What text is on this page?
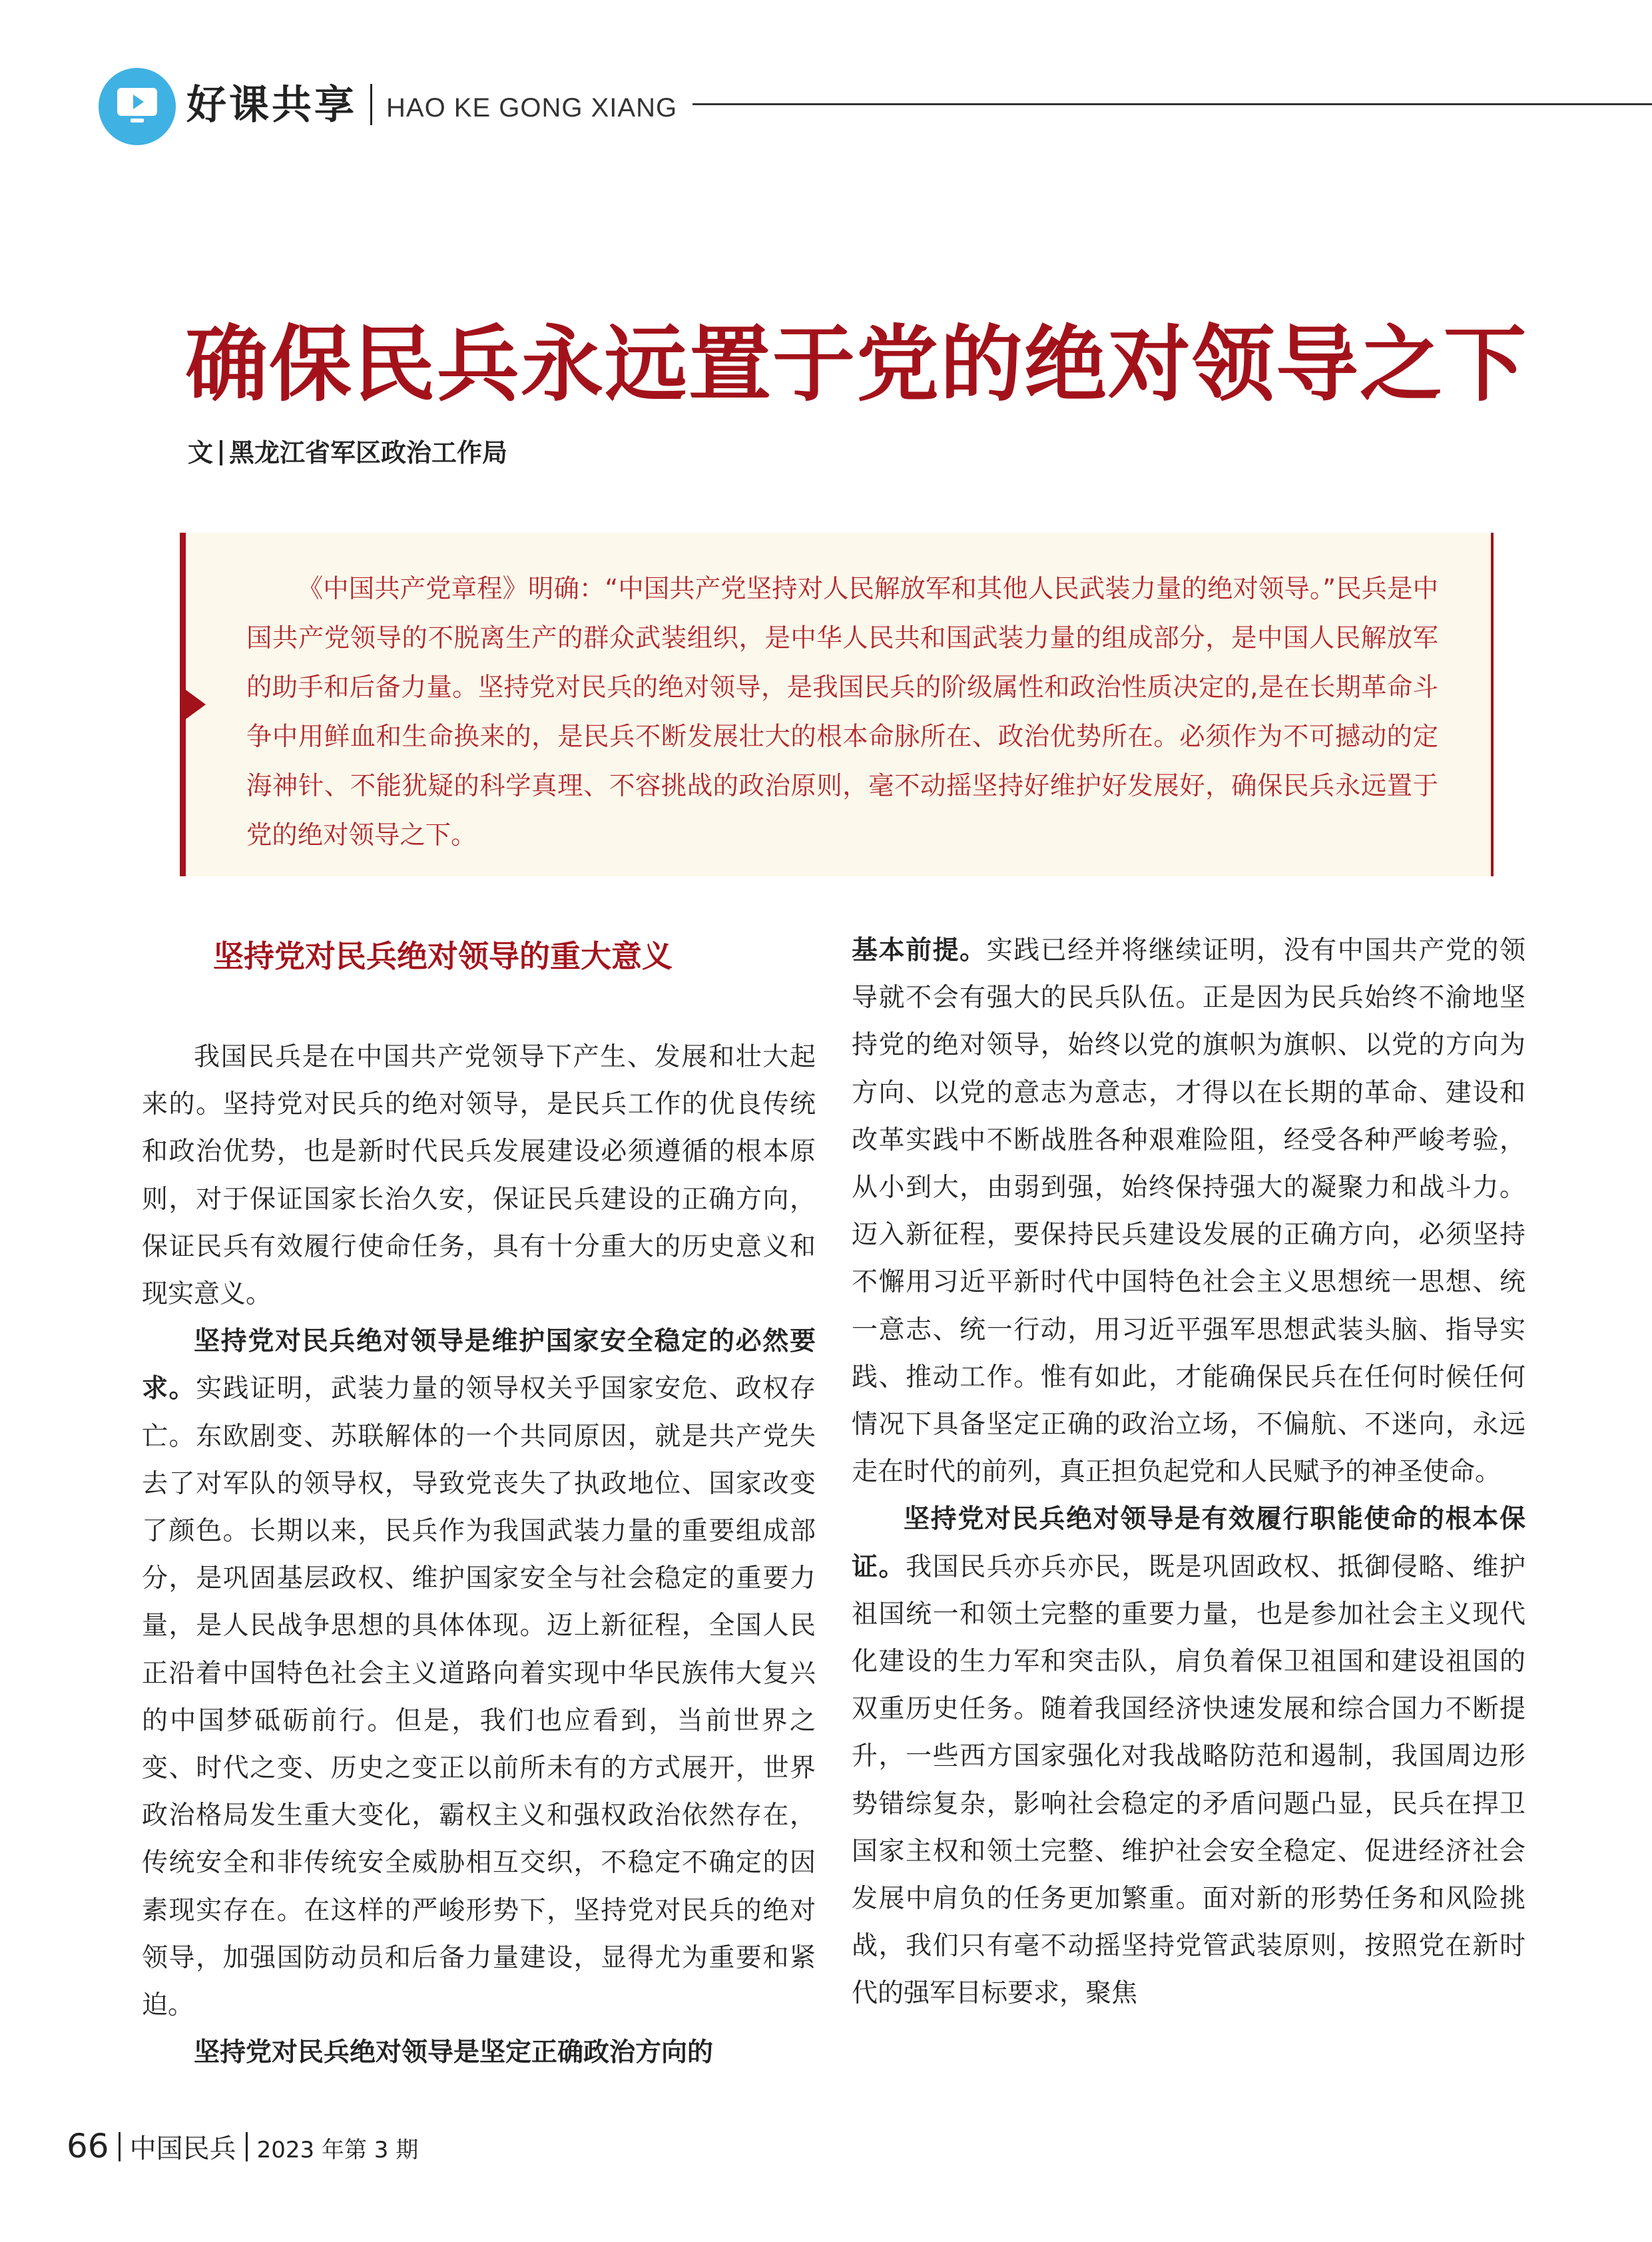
好课共享 HAO KE GONG XIANG
确保民兵永远置于党的绝对领导之下
文 黑龙江省军区政治工作局

《中国共产党章程》明确：“中国共产党坚持对人民解放军和其他人民武装力量的绝对领导。”民兵是中国共产党领导的不脱离生产的群众武装组织，是中华人民共和国武装力量的组成部分，是中国人民解放军的助手和后备力量。坚持党对民兵的绝对领导，是我国民兵的阶级属性和政治性质决定的,是在长期革命斗争中用鲜血和生命换来的，是民兵不断发展壮大的根本命脉所在、政治优势所在。必须作为不可撼动的定海神针、不能犹疑的科学真理、不容挑战的政治原则，毫不动摇坚持好维护好发展好，确保民兵永远置于党的绝对领导之下。

坚持党对民兵绝对领导的重大意义

我国民兵是在中国共产党领导下产生、发展和壮大起来的。坚持党对民兵的绝对领导，是民兵工作的优良传统和政治优势，也是新时代民兵发展建设必须遵循的根本原则，对于保证国家长治久安，保证民兵建设的正确方向，保证民兵有效履行使命任务，具有十分重大的历史意义和现实意义。

坚持党对民兵绝对领导是维护国家安全稳定的必然要求。实践证明，武装力量的领导权关乎国家安危、政权存亡。东欧剧变、苏联解体的一个共同原因，就是共产党失去了对军队的领导权，导致党丧失了执政地位、国家改变了颜色。长期以来，民兵作为我国武装力量的重要组成部分，是巩固基层政权、维护国家安全与社会稳定的重要力量，是人民战争思想的具体体现。迈上新征程，全国人民正沿着中国特色社会主义道路向着实现中华民族伟大复兴的中国梦砥砺前行。但是，我们也应看到，当前世界之变、时代之变、历史之变正以前所未有的方式展开，世界政治格局发生重大变化，霸权主义和强权政治依然存在，传统安全和非传统安全威胁相互交织，不稳定不确定的因素现实存在。在这样的严峻形势下，坚持党对民兵的绝对领导，加强国防动员和后备力量建设，显得尤为重要和紧迫。

坚持党对民兵绝对领导是坚定正确政治方向的

基本前提。实践已经并将继续证明，没有中国共产党的领导就不会有强大的民兵队伍。正是因为民兵始终不渝地坚持党的绝对领导，始终以党的旗帜为旗帜、以党的方向为方向、以党的意志为意志，才得以在长期的革命、建设和改革实践中不断战胜各种艰难险阻，经受各种严峻考验，从小到大，由弱到强，始终保持强大的凝聚力和战斗力。迈入新征程，要保持民兵建设发展的正确方向，必须坚持不懈用习近平新时代中国特色社会主义思想统一思想、统一意志、统一行动，用习近平强军思想武装头脑、指导实践、推动工作。惟有如此，才能确保民兵在任何时候任何情况下具备坚定正确的政治立场，不偏航、不迷向，永远走在时代的前列，真正担负起党和人民赋予的神圣使命。

坚持党对民兵绝对领导是有效履行职能使命的根本保证。我国民兵亦兵亦民，既是巩固政权、抵御侵略、维护祖国统一和领土完整的重要力量，也是参加社会主义现代化建设的生力军和突击队，肩负着保卫祖国和建设祖国的双重历史任务。随着我国经济快速发展和综合国力不断提升，一些西方国家强化对我战略防范和遏制，我国周边形势错综复杂，影响社会稳定的矛盾问题凸显，民兵在捍卫国家主权和领土完整、维护社会安全稳定、促进经济社会发展中肩负的任务更加繁重。面对新的形势任务和风险挑战，我们只有毫不动摇坚持党管武装原则，按照党在新时代的强军目标要求，聚焦

66 中国民兵 2023 年第 3 期
